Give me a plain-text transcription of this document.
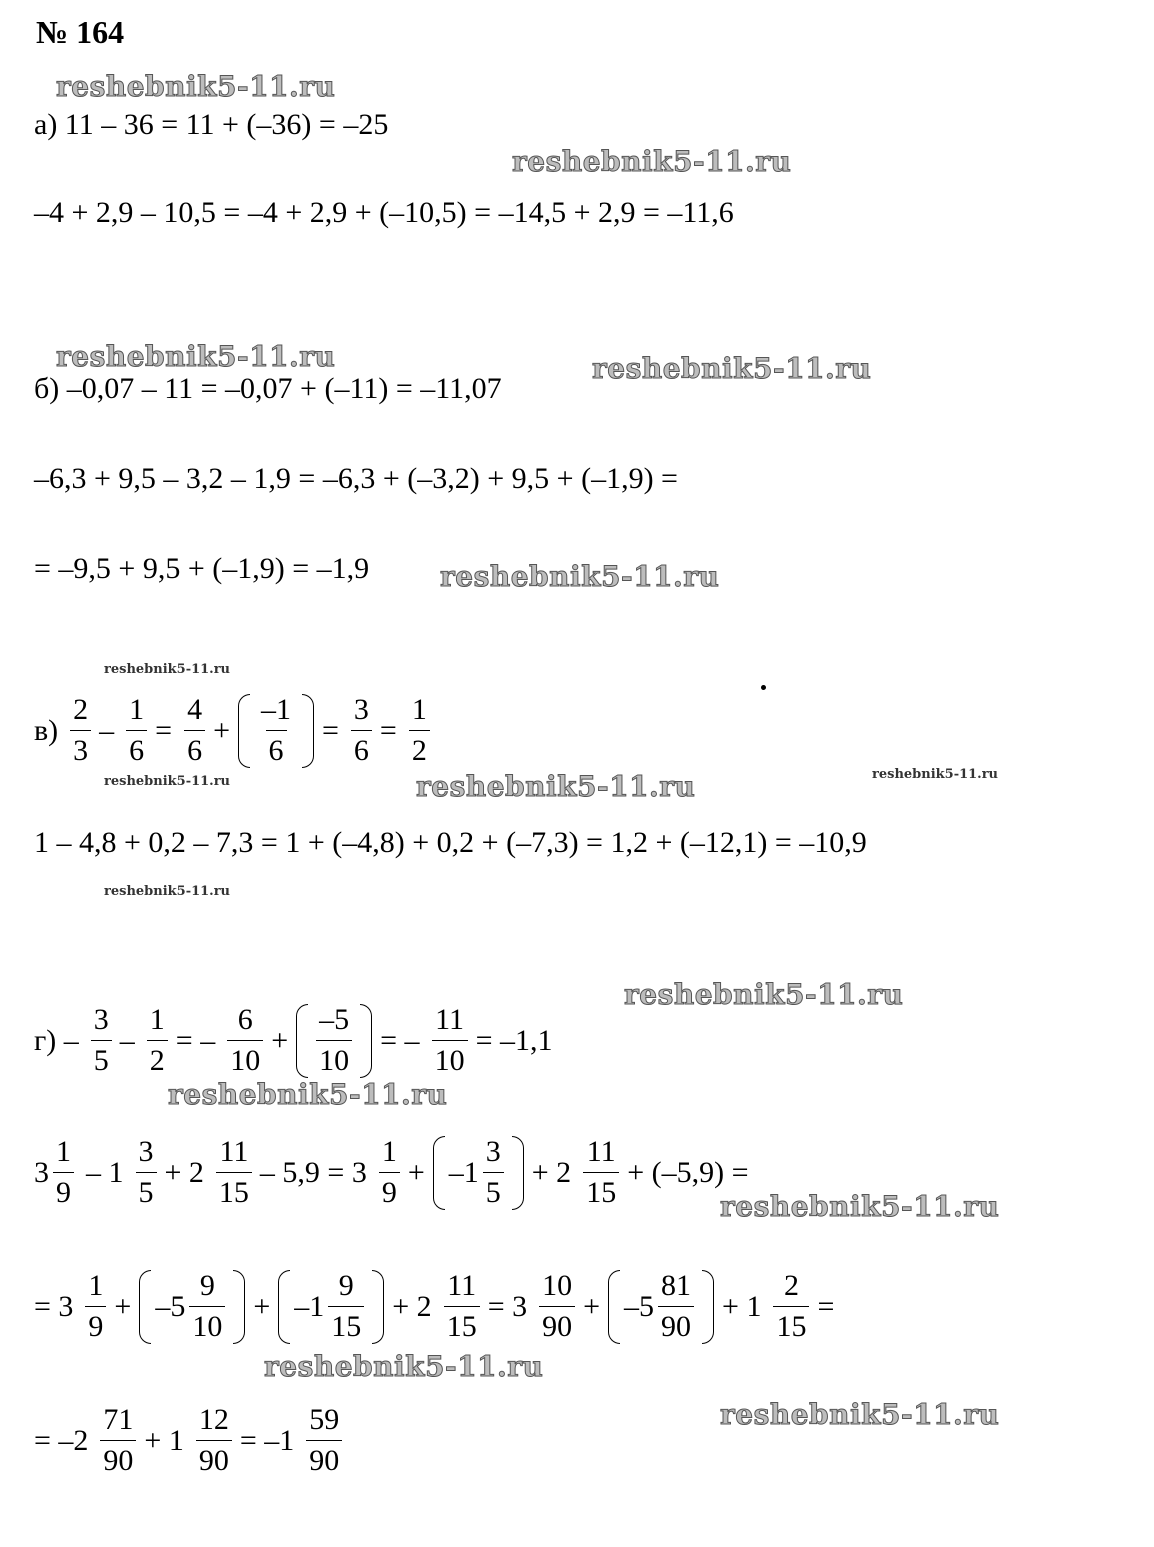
№ 164
reshebnik5-11.ru
reshebnik5-11.ru
reshebnik5-11.ru	reshebnik5-11.ru
reshebnik5-11.ru
reshebnik5-11.ru
reshebnik5-11.ru	reshebnik5-11.ru
reshebnik5-11.ru
reshebnik5-11.ru
reshebnik5-11.ru
reshebnik5-11.ru
reshebnik5-11.ru
reshebnik5-11.ru
reshebnik5-11.ru
а) 11 – 36 = 11 + (–36) = –25
–4 + 2,9 – 10,5 = –4 + 2,9 + (–10,5) = –14,5 + 2,9 = –11,6
б) –0,07 – 11 = –0,07 + (–11) = –11,07
–6,3 + 9,5 – 3,2 – 1,9 = –6,3 + (–3,2) + 9,5 + (–1,9) =
= –9,5 + 9,5 + (–1,9) = –1,9
$в) \frac{2}{3} - \frac{1}{6} = \frac{4}{6} + \frac{-1}{6} = \frac{3}{6} = \frac{1}{2}$
1 – 4,8 + 0,2 – 7,3 = 1 + (–4,8) + 0,2 + (–7,3) = 1,2 + (–12,1) = –10,9
$г) - \frac{3}{5} - \frac{1}{2}$ = – $\frac{6}{10} + \frac{-5}{10}$ = – $\frac{11}{10} = -1,1$
$3 \frac{1}{9} - 1 \frac{3}{5} + 2 \frac{11}{15} - 5,9 = 3 \frac{1}{9} + -1 \frac{3}{5} + 2 \frac{11}{15} + (-5,9)$ =
= $3 \frac{1}{9} + -5 \frac{9}{10} + -1 \frac{9}{15} + 2 \frac{11}{15} = 3 \frac{10}{90} + -5 \frac{81}{90} + 1 \frac{2}{15}$ =
= $-2 \frac{71}{90} + 1 \frac{12}{90} = -1 \frac{59}{90}$
